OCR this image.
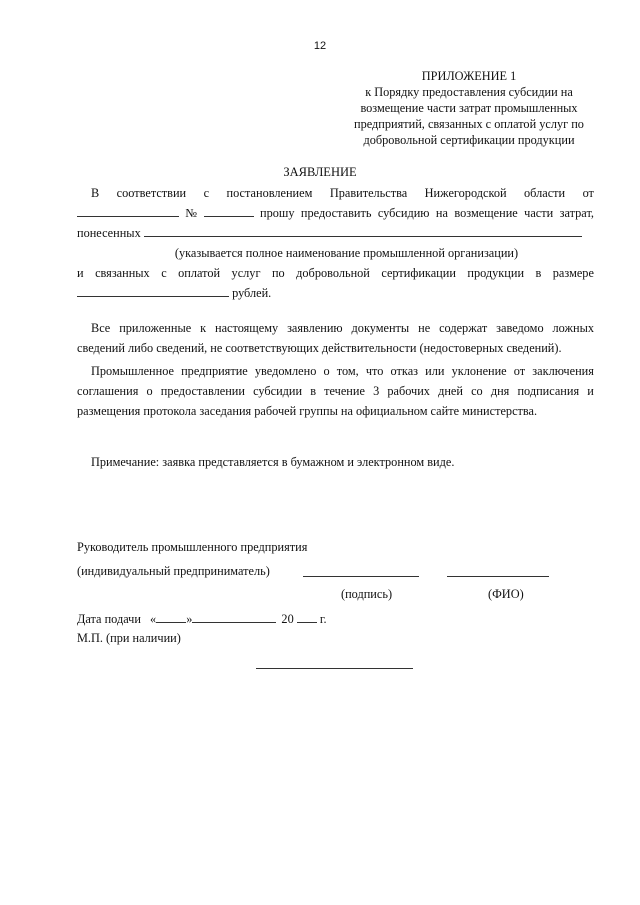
12
ПРИЛОЖЕНИЕ 1
к Порядку предоставления субсидии на
возмещение части затрат промышленных
предприятий, связанных с оплатой услуг по
добровольной сертификации продукции
ЗАЯВЛЕНИЕ
В соответствии с постановлением Правительства Нижегородской области от
№	прошу предоставить субсидию на возмещение части затрат,
понесенных
(указывается полное наименование промышленной организации)
и связанных с оплатой услуг по добровольной сертификации продукции в размере
рублей.
Все приложенные к настоящему заявлению документы не содержат заведомо ложных
сведений либо сведений, не соответствующих действительности (недостоверных сведений).
Промышленное предприятие уведомлено о том, что отказ или уклонение от заключения
соглашения о предоставлении субсидии в течение 3 рабочих дней со дня подписания и
размещения протокола заседания рабочей группы на официальном сайте министерства.
Примечание: заявка представляется в бумажном и электронном виде.
Руководитель промышленного предприятия
(индивидуальный предприниматель)
(подпись)	(ФИО)
Дата подачи « »	20 г.
М.П. (при наличии)
